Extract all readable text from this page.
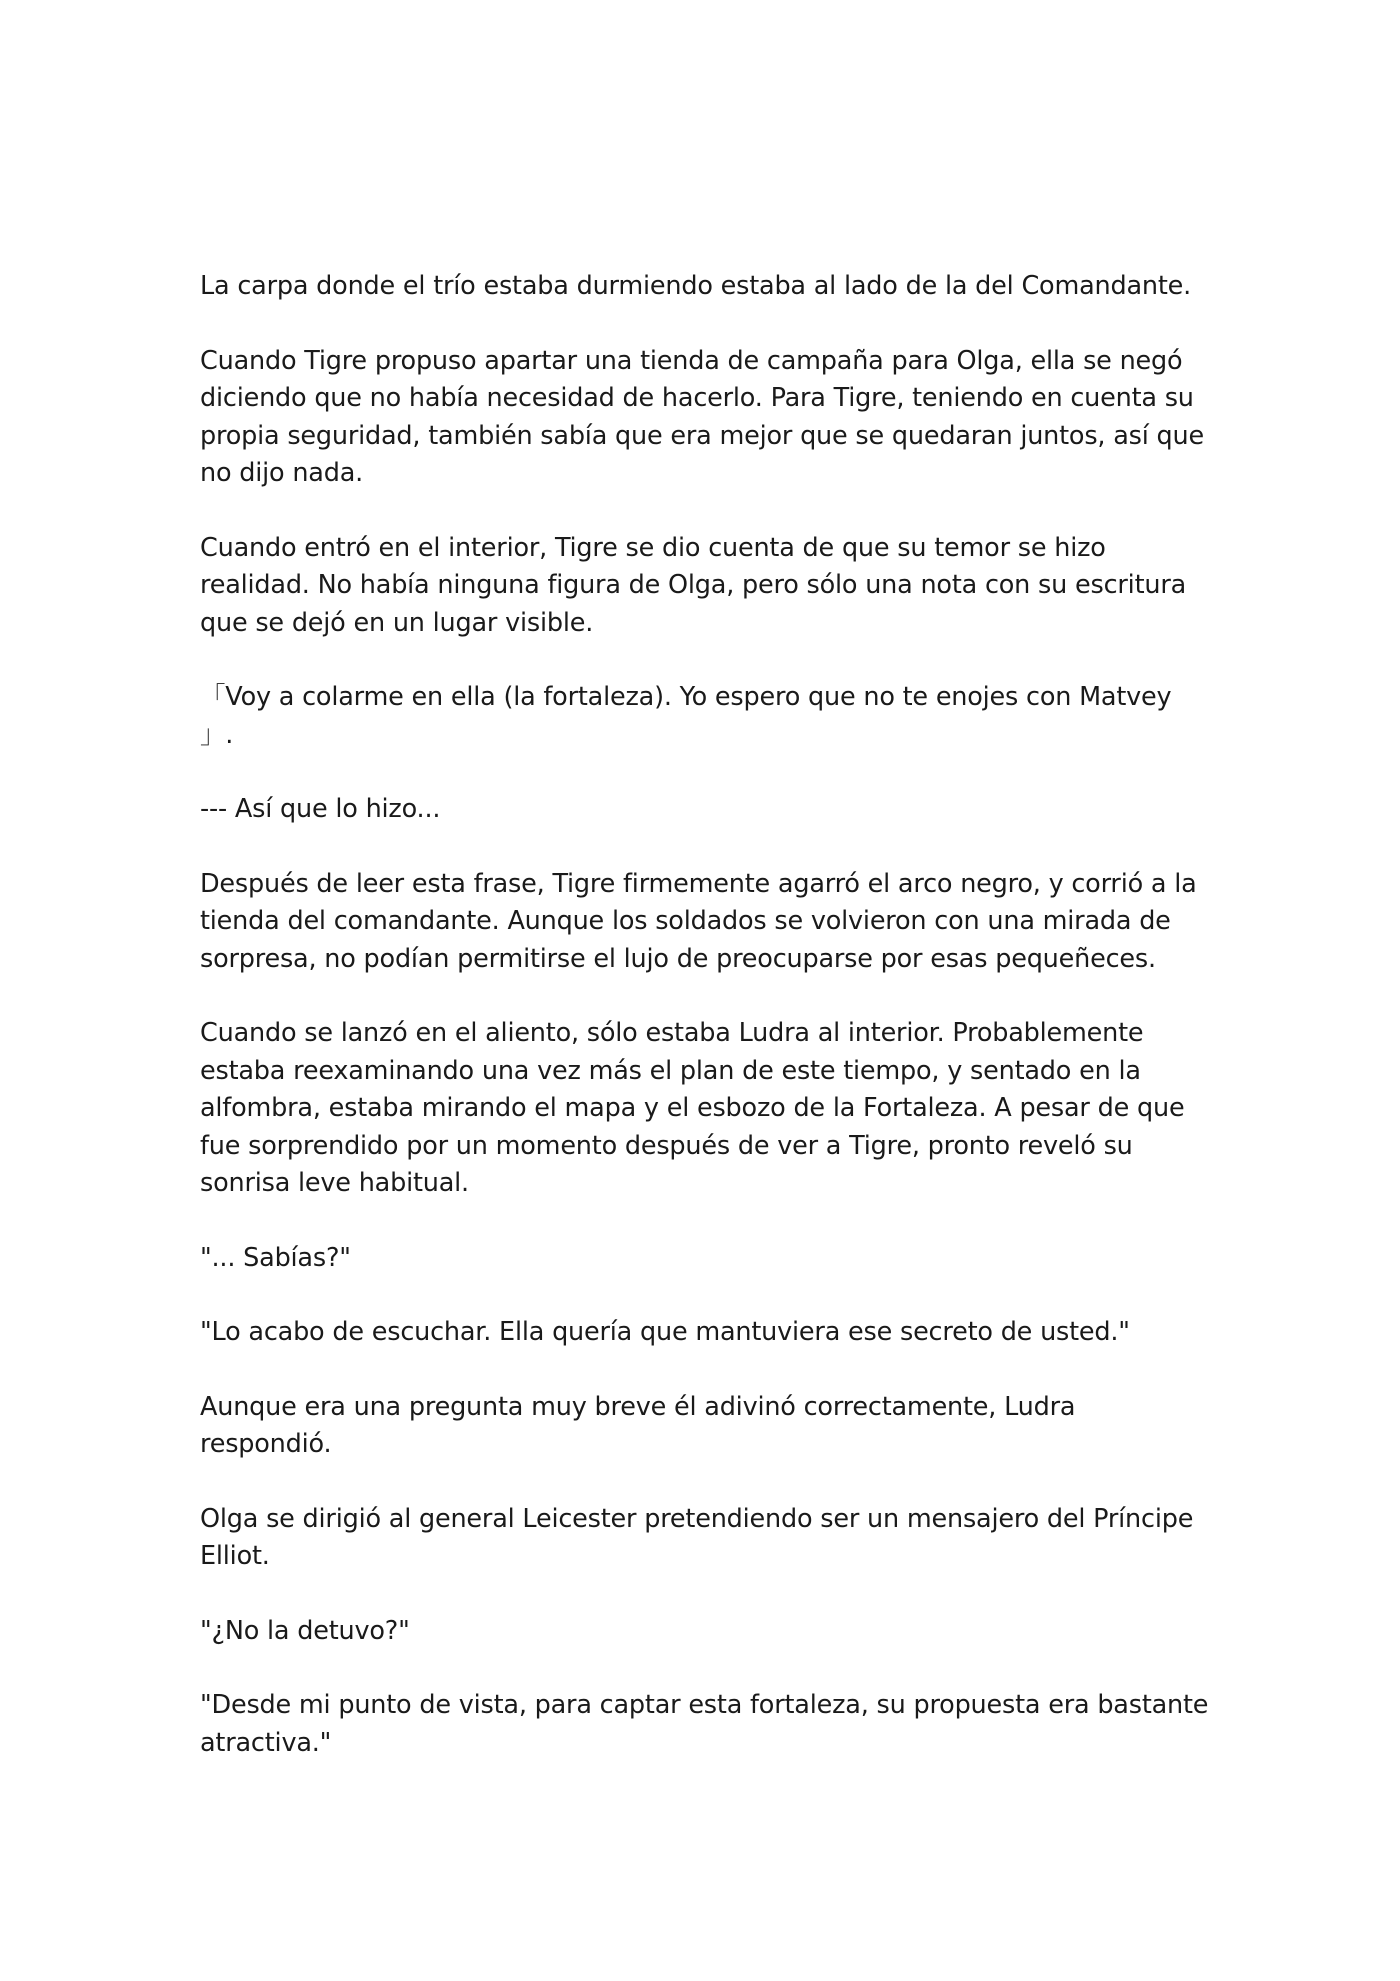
La carpa donde el trío estaba durmiendo estaba al lado de la del Comandante.

Cuando Tigre propuso apartar una tienda de campaña para Olga, ella se negó diciendo que no había necesidad de hacerlo. Para Tigre, teniendo en cuenta su propia seguridad, también sabía que era mejor que se quedaran juntos, así que no dijo nada.

Cuando entró en el interior, Tigre se dio cuenta de que su temor se hizo realidad. No había ninguna figura de Olga, pero sólo una nota con su escritura que se dejó en un lugar visible.

「Voy a colarme en ella (la fortaleza). Yo espero que no te enojes con Matvey 」.

--- Así que lo hizo...

Después de leer esta frase, Tigre firmemente agarró el arco negro, y corrió a la tienda del comandante. Aunque los soldados se volvieron con una mirada de sorpresa, no podían permitirse el lujo de preocuparse por esas pequeñeces.

Cuando se lanzó en el aliento, sólo estaba Ludra al interior. Probablemente estaba reexaminando una vez más el plan de este tiempo, y sentado en la alfombra, estaba mirando el mapa y el esbozo de la Fortaleza. A pesar de que fue sorprendido por un momento después de ver a Tigre, pronto reveló su sonrisa leve habitual.

"... Sabías?"

"Lo acabo de escuchar. Ella quería que mantuviera ese secreto de usted."

Aunque era una pregunta muy breve él adivinó correctamente, Ludra respondió.

Olga se dirigió al general Leicester pretendiendo ser un mensajero del Príncipe Elliot.

"¿No la detuvo?"

"Desde mi punto de vista, para captar esta fortaleza, su propuesta era bastante atractiva."
